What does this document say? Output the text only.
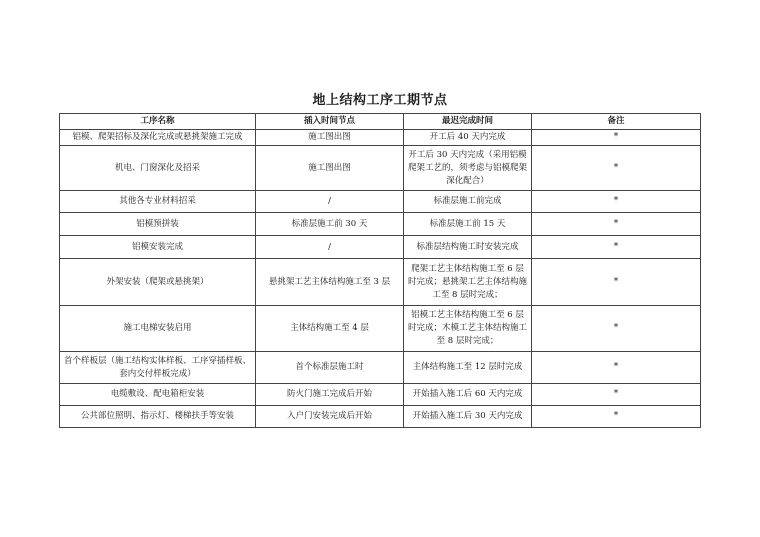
地上结构工序工期节点
工序名称	插入时间节点	最迟完成时间	备注
铝模、爬架招标及深化完成或悬挑架施工完成	施工图出图	开工后 40 天内完成	*
机电、门窗深化及招采	施工图出图	开工后 30 天内完成（采用铝模爬架工艺的，须考虑与铝模爬架深化配合）	*
其他各专业材料招采	/	标准层施工前完成	*
铝模预拼装	标准层施工前 30 天	标准层施工前 15 天	*
铝模安装完成	/	标准层结构施工时安装完成	*
外架安装（爬架或悬挑架）	悬挑架工艺主体结构施工至 3 层	爬架工艺主体结构施工至 6 层时完成；悬挑架工艺主体结构施工至 8 层时完成；	*
施工电梯安装启用	主体结构施工至 4 层	铝模工艺主体结构施工至 6 层时完成；木模工艺主体结构施工至 8 层时完成；	*
首个样板层（施工结构实体样板、工序穿插样板、套内交付样板完成）	首个标准层施工时	主体结构施工至 12 层时完成	*
电缆敷设、配电箱柜安装	防火门施工完成后开始	开始插入施工后 60 天内完成	*
公共部位照明、指示灯、楼梯扶手等安装	入户门安装完成后开始	开始插入施工后 30 天内完成	*
